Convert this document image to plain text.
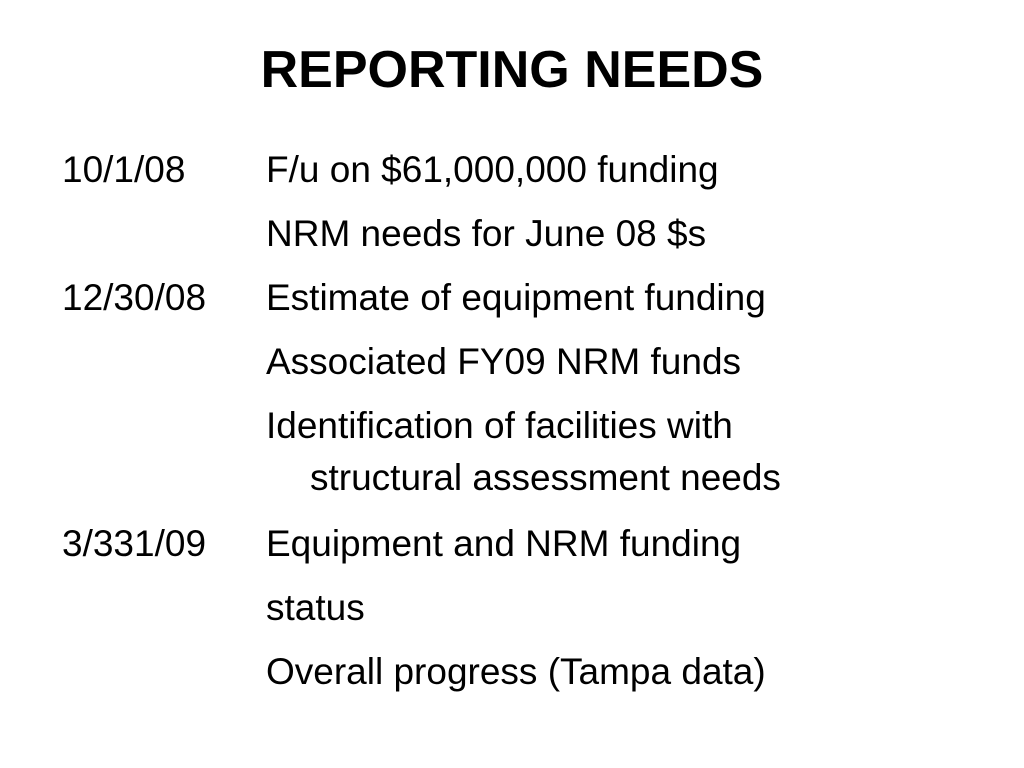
REPORTING NEEDS
10/1/08 F/u on $61,000,000 funding
NRM needs for June 08 $s
12/30/08 Estimate of equipment funding
Associated FY09 NRM funds
Identification of facilities with
structural assessment needs
3/331/09 Equipment and NRM funding
status
Overall progress (Tampa data)
